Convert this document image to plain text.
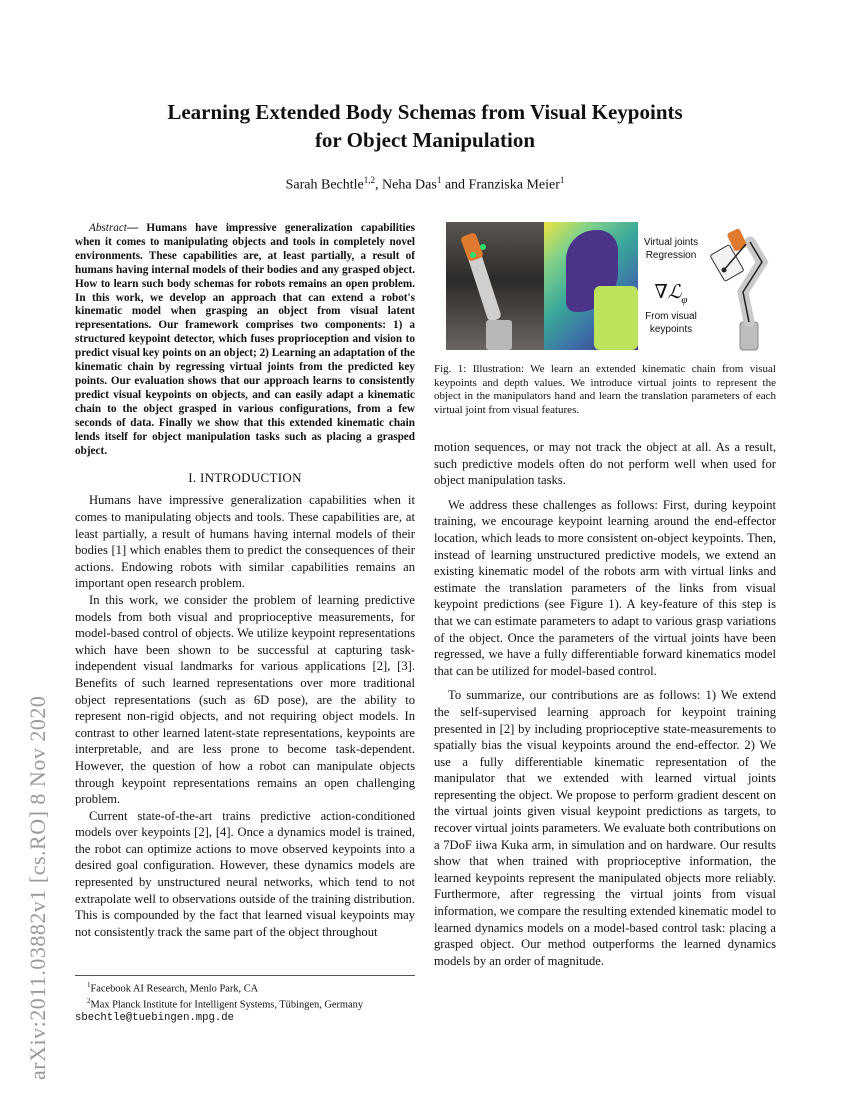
arXiv:2011.03882v1 [cs.RO] 8 Nov 2020
Learning Extended Body Schemas from Visual Keypoints
for Object Manipulation
Sarah Bechtle$^{1,2}$, Neha Das$^1$ and Franziska Meier$^1$

Abstract— Humans have impressive generalization capabilities when it comes to manipulating objects and tools in completely novel environments. These capabilities are, at least partially, a result of humans having internal models of their bodies and any grasped object. How to learn such body schemas for robots remains an open problem. In this work, we develop an approach that can extend a robot's kinematic model when grasping an object from visual latent representations. Our framework comprises two components: 1) a structured keypoint detector, which fuses proprioception and vision to predict visual key points on an object; 2) Learning an adaptation of the kinematic chain by regressing virtual joints from the predicted key points. Our evaluation shows that our approach learns to consistently predict visual keypoints on objects, and can easily adapt a kinematic chain to the object grasped in various configurations, from a few seconds of data. Finally we show that this extended kinematic chain lends itself for object manipulation tasks such as placing a grasped object.

I. INTRODUCTION

Humans have impressive generalization capabilities when it comes to manipulating objects and tools. These capabilities are, at least partially, a result of humans having internal models of their bodies [1] which enables them to predict the consequences of their actions. Endowing robots with similar capabilities remains an important open research problem.

In this work, we consider the problem of learning predictive models from both visual and proprioceptive measurements, for model-based control of objects. We utilize keypoint representations which have been shown to be successful at capturing task-independent visual landmarks for various applications [2], [3]. Benefits of such learned representations over more traditional object representations (such as 6D pose), are the ability to represent non-rigid objects, and not requiring object models. In contrast to other learned latent-state representations, keypoints are interpretable, and are less prone to become task-dependent. However, the question of how a robot can manipulate objects through keypoint representations remains an open challenging problem.

Current state-of-the-art trains predictive action-conditioned models over keypoints [2], [4]. Once a dynamics model is trained, the robot can optimize actions to move observed keypoints into a desired goal configuration. However, these dynamics models are represented by unstructured neural networks, which tend to not extrapolate well to observations outside of the training distribution. This is compounded by the fact that learned visual keypoints may not consistently track the same part of the object throughout

$^1$Facebook AI Research, Menlo Park, CA

$^2$Max Planck Institute for Intelligent Systems, Tübingen, Germany

sbechtle@tuebingen.mpg.de
Virtual joints Regression
∇ℒ$_\varphi$
From visual keypoints

Fig. 1: Illustration: We learn an extended kinematic chain from visual keypoints and depth values. We introduce virtual joints to represent the object in the manipulators hand and learn the translation parameters of each virtual joint from visual features.

motion sequences, or may not track the object at all. As a result, such predictive models often do not perform well when used for object manipulation tasks.

We address these challenges as follows: First, during keypoint training, we encourage keypoint learning around the end-effector location, which leads to more consistent on-object keypoints. Then, instead of learning unstructured predictive models, we extend an existing kinematic model of the robots arm with virtual links and estimate the translation parameters of the links from visual keypoint predictions (see Figure 1). A key-feature of this step is that we can estimate parameters to adapt to various grasp variations of the object. Once the parameters of the virtual joints have been regressed, we have a fully differentiable forward kinematics model that can be utilized for model-based control.

To summarize, our contributions are as follows: 1) We extend the self-supervised learning approach for keypoint training presented in [2] by including proprioceptive state-measurements to spatially bias the visual keypoints around the end-effector. 2) We use a fully differentiable kinematic representation of the manipulator that we extended with learned virtual joints representing the object. We propose to perform gradient descent on the virtual joints given visual keypoint predictions as targets, to recover virtual joints parameters. We evaluate both contributions on a 7DoF iiwa Kuka arm, in simulation and on hardware. Our results show that when trained with proprioceptive information, the learned keypoints represent the manipulated objects more reliably. Furthermore, after regressing the virtual joints from visual information, we compare the resulting extended kinematic model to learned dynamics models on a model-based control task: placing a grasped object. Our method outperforms the learned dynamics models by an order of magnitude.
